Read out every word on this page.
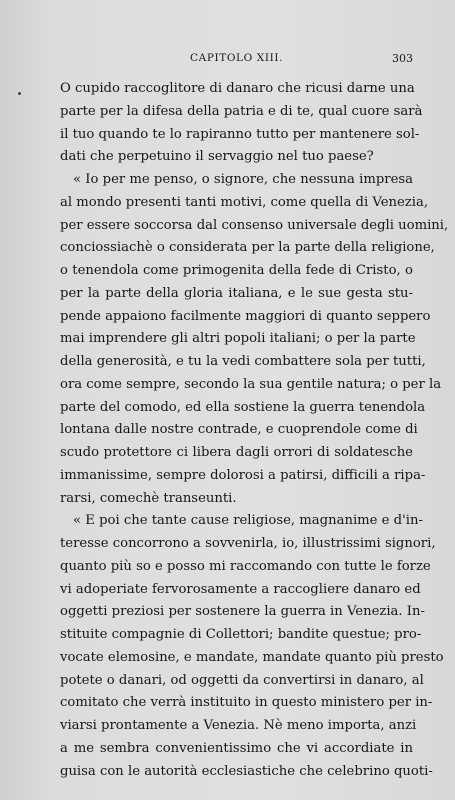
CAPITOLO XIII.	303
O cupido raccoglitore di danaro che ricusi darne una
parte per la difesa della patria e di te, qual cuore sarà
il tuo quando te lo rapiranno tutto per mantenere sol-
dati che perpetuino il servaggio nel tuo paese?
« Io per me penso, o signore, che nessuna impresa
al mondo presenti tanti motivi, come quella di Venezia,
per essere soccorsa dal consenso universale degli uomini,
conciossiachè o considerata per la parte della religione,
o tenendola come primogenita della fede di Cristo, o
per la parte della gloria italiana, e le sue gesta stu-
pende appaiono facilmente maggiori di quanto seppero
mai imprendere gli altri popoli italiani; o per la parte
della generosità, e tu la vedi combattere sola per tutti,
ora come sempre, secondo la sua gentile natura; o per la
parte del comodo, ed ella sostiene la guerra tenendola
lontana dalle nostre contrade, e cuoprendole come di
scudo protettore ci libera dagli orrori di soldatesche
immanissime, sempre dolorosi a patirsi, difficili a ripa-
rarsi, comechè transeunti.
« E poi che tante cause religiose, magnanime e d'in-
teresse concorrono a sovvenirla, io, illustrissimi signori,
quanto più so e posso mi raccomando con tutte le forze
vi adoperiate fervorosamente a raccogliere danaro ed
oggetti preziosi per sostenere la guerra in Venezia. In-
stituite compagnie di Collettori; bandite questue; pro-
vocate elemosine, e mandate, mandate quanto più presto
potete o danari, od oggetti da convertirsi in danaro, al
comitato che verrà instituito in questo ministero per in-
viarsi prontamente a Venezia. Nè meno importa, anzi
a me sembra convenientissimo che vi accordiate in
guisa con le autorità ecclesiastiche che celebrino quoti-
